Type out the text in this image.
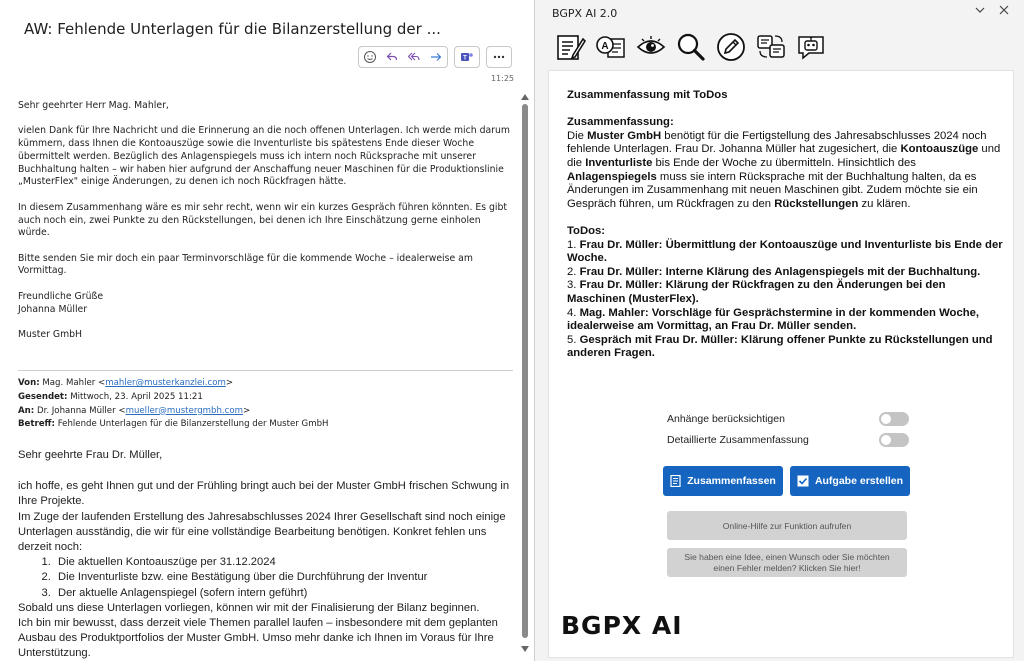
AW: Fehlende Unterlagen für die Bilanzerstellung der ...
T
11:25

Sehr geehrter Herr Mag. Mahler,

vielen Dank für Ihre Nachricht und die Erinnerung an die noch offenen Unterlagen. Ich werde mich darum kümmern, dass Ihnen die Kontoauszüge sowie die Inventurliste bis spätestens Ende dieser Woche übermittelt werden. Bezüglich des Anlagenspiegels muss ich intern noch Rücksprache mit unserer Buchhaltung halten – wir haben hier aufgrund der Anschaffung neuer Maschinen für die Produktionslinie „MusterFlex" einige Änderungen, zu denen ich noch Rückfragen hätte.

In diesem Zusammenhang wäre es mir sehr recht, wenn wir ein kurzes Gespräch führen könnten. Es gibt auch noch ein, zwei Punkte zu den Rückstellungen, bei denen ich Ihre Einschätzung gerne einholen würde.

Bitte senden Sie mir doch ein paar Terminvorschläge für die kommende Woche – idealerweise am Vormittag.

Freundliche Grüße
Johanna Müller
Muster GmbH
Von: Mag. Mahler <mahler@musterkanzlei.com>
Gesendet: Mittwoch, 23. April 2025 11:21
An: Dr. Johanna Müller <mueller@mustergmbh.com>
Betreff: Fehlende Unterlagen für die Bilanzerstellung der Muster GmbH
Sehr geehrte Frau Dr. Müller,
ich hoffe, es geht Ihnen gut und der Frühling bringt auch bei der Muster GmbH frischen Schwung in Ihre Projekte.
Im Zuge der laufenden Erstellung des Jahresabschlusses 2024 Ihrer Gesellschaft sind noch einige Unterlagen ausständig, die wir für eine vollständige Bearbeitung benötigen. Konkret fehlen uns derzeit noch:
1. Die aktuellen Kontoauszüge per 31.12.2024
2. Die Inventurliste bzw. eine Bestätigung über die Durchführung der Inventur
3. Der aktuelle Anlagenspiegel (sofern intern geführt)
Sobald uns diese Unterlagen vorliegen, können wir mit der Finalisierung der Bilanz beginnen.
Ich bin mir bewusst, dass derzeit viele Themen parallel laufen – insbesondere mit dem geplanten Ausbau des Produktportfolios der Muster GmbH. Umso mehr danke ich Ihnen im Voraus für Ihre Unterstützung.
BGPX AI 2.0
A
Zusammenfassung mit ToDos
Zusammenfassung:
Die Muster GmbH benötigt für die Fertigstellung des Jahresabschlusses 2024 noch fehlende Unterlagen. Frau Dr. Johanna Müller hat zugesichert, die Kontoauszüge und die Inventurliste bis Ende der Woche zu übermitteln. Hinsichtlich des Anlagenspiegels muss sie intern Rücksprache mit der Buchhaltung halten, da es Änderungen im Zusammenhang mit neuen Maschinen gibt. Zudem möchte sie ein Gespräch führen, um Rückfragen zu den Rückstellungen zu klären.
ToDos:
1. Frau Dr. Müller: Übermittlung der Kontoauszüge und Inventurliste bis Ende der Woche.
2. Frau Dr. Müller: Interne Klärung des Anlagenspiegels mit der Buchhaltung.
3. Frau Dr. Müller: Klärung der Rückfragen zu den Änderungen bei den Maschinen (MusterFlex).
4. Mag. Mahler: Vorschläge für Gesprächstermine in der kommenden Woche, idealerweise am Vormittag, an Frau Dr. Müller senden.
5. Gespräch mit Frau Dr. Müller: Klärung offener Punkte zu Rückstellungen und anderen Fragen.
Anhänge berücksichtigen
Detaillierte Zusammenfassung
Zusammenfassen	Aufgabe erstellen
Online-Hilfe zur Funktion aufrufen
Sie haben eine Idee, einen Wunsch oder Sie möchten einen Fehler melden? Klicken Sie hier!
BGPX AI
